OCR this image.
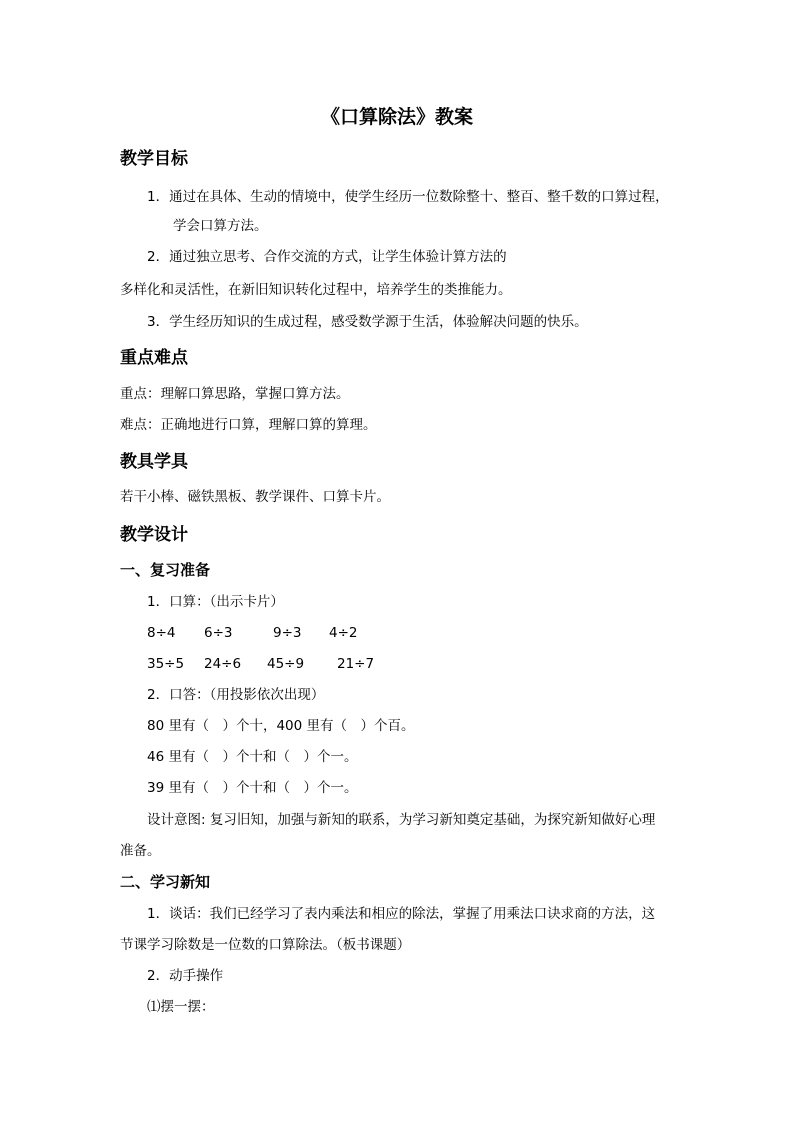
《口算除法》教案
教学目标
1．通过在具体、生动的情境中，使学生经历一位数除整十、整百、整千数的口算过程，
学会口算方法。
2．通过独立思考、合作交流的方式，让学生体验计算方法的
多样化和灵活性，在新旧知识转化过程中，培养学生的类推能力。
3．学生经历知识的生成过程，感受数学源于生活，体验解决问题的快乐。
重点难点
重点：理解口算思路，掌握口算方法。
难点：正确地进行口算，理解口算的算理。
教具学具
若干小棒、磁铁黑板、教学课件、口算卡片。
教学设计
一、复习准备
1．口算：（出示卡片）
8÷4 6÷3	9÷3 4÷2
35÷5 24÷6 45÷9 21÷7
2．口答：（用投影依次出现）
80 里有（　）个十，400 里有（　）个百。
46 里有（　）个十和（　）个一。
39 里有（　）个十和（　）个一。
设计意图: 复习旧知，加强与新知的联系，为学习新知奠定基础，为探究新知做好心理
准备。
二、学习新知
1．谈话：我们已经学习了表内乘法和相应的除法，掌握了用乘法口诀求商的方法，这
节课学习除数是一位数的口算除法。（板书课题）
2．动手操作
⑴摆一摆：
